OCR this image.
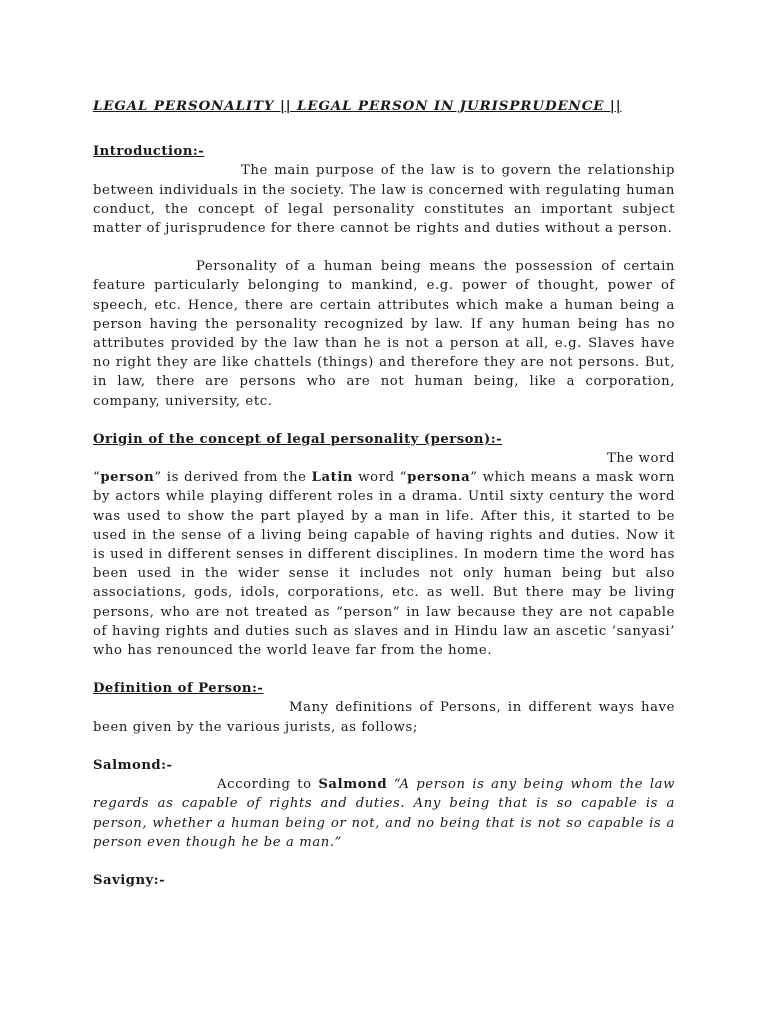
LEGAL PERSONALITY || LEGAL PERSON IN JURISPRUDENCE ||
Introduction:-

The main purpose of the law is to govern the relationship between individuals in the society. The law is concerned with regulating human conduct, the concept of legal personality constitutes an important subject matter of jurisprudence for there cannot be rights and duties without a person.

Personality of a human being means the possession of certain feature particularly belonging to mankind, e.g. power of thought, power of speech, etc. Hence, there are certain attributes which make a human being a person having the personality recognized by law. If any human being has no attributes provided by the law than he is not a person at all, e.g. Slaves have no right they are like chattels (things) and therefore they are not persons. But, in law, there are persons who are not human being, like a corporation, company, university, etc.

Origin of the concept of legal personality (person):-
The word

“person” is derived from the Latin word “persona” which means a mask worn by actors while playing different roles in a drama. Until sixty century the word was used to show the part played by a man in life. After this, it started to be used in the sense of a living being capable of having rights and duties. Now it is used in different senses in different disciplines. In modern time the word has been used in the wider sense it includes not only human being but also associations, gods, idols, corporations, etc. as well. But there may be living persons, who are not treated as “person” in law because they are not capable of having rights and duties such as slaves and in Hindu law an ascetic ‘sanyasi’ who has renounced the world leave far from the home.

Definition of Person:-

Many definitions of Persons, in different ways have been given by the various jurists, as follows;

Salmond:-

According to Salmond “A person is any being whom the law regards as capable of rights and duties. Any being that is so capable is a person, whether a human being or not, and no being that is not so capable is a person even though he be a man.”

Savigny:-
